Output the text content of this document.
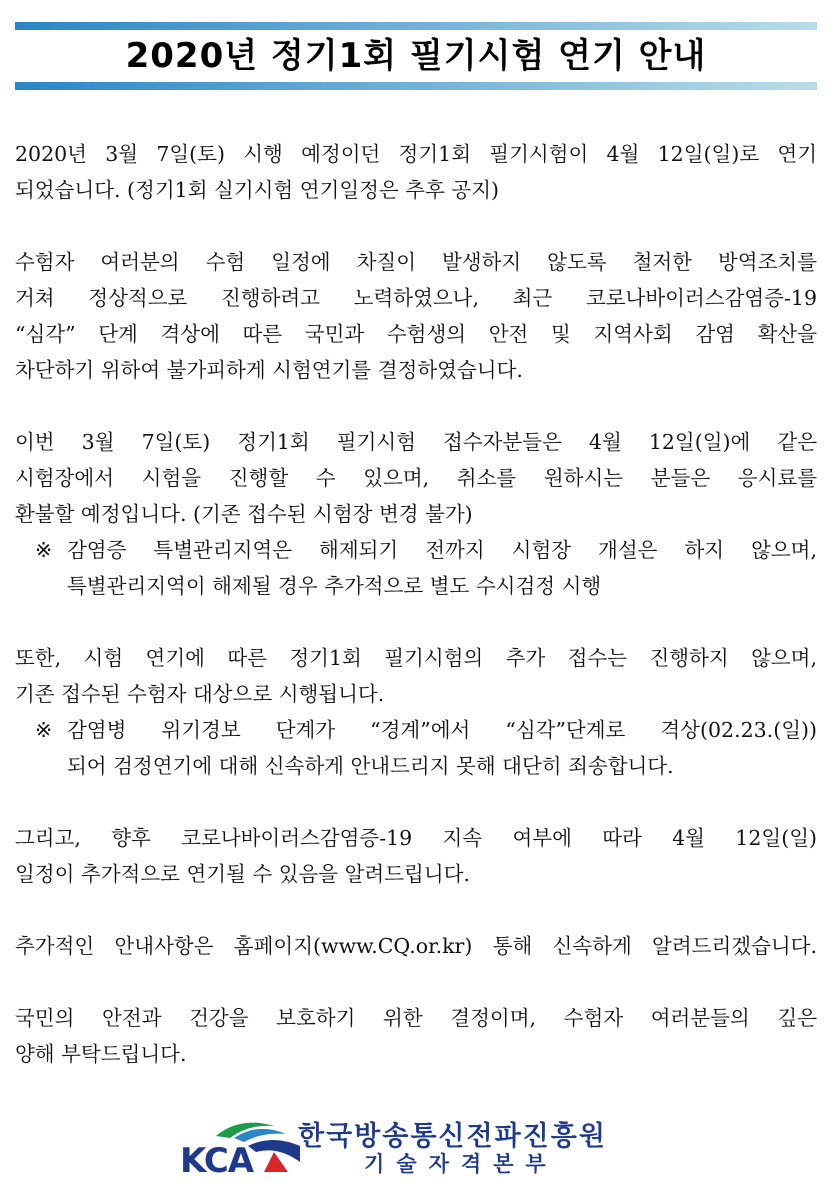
2020년 정기1회 필기시험 연기 안내
2020년 3월 7일(토) 시행 예정이던 정기1회 필기시험이 4월 12일(일)로 연기
되었습니다. (정기1회 실기시험 연기일정은 추후 공지)
수험자 여러분의 수험 일정에 차질이 발생하지 않도록 철저한 방역조치를
거쳐 정상적으로 진행하려고 노력하였으나, 최근 코로나바이러스감염증-19
“심각” 단계 격상에 따른 국민과 수험생의 안전 및 지역사회 감염 확산을
차단하기 위하여 불가피하게 시험연기를 결정하였습니다.
이번 3월 7일(토) 정기1회 필기시험 접수자분들은 4월 12일(일)에 같은
시험장에서 시험을 진행할 수 있으며, 취소를 원하시는 분들은 응시료를
환불할 예정입니다. (기존 접수된 시험장 변경 불가)
※ 감염증 특별관리지역은 해제되기 전까지 시험장 개설은 하지 않으며,
특별관리지역이 해제될 경우 추가적으로 별도 수시검정 시행
또한, 시험 연기에 따른 정기1회 필기시험의 추가 접수는 진행하지 않으며,
기존 접수된 수험자 대상으로 시행됩니다.
※ 감염병 위기경보 단계가 “경계”에서 “심각”단계로 격상(02.23.(일))
되어 검정연기에 대해 신속하게 안내드리지 못해 대단히 죄송합니다.
그리고, 향후 코로나바이러스감염증-19 지속 여부에 따라 4월 12일(일)
일정이 추가적으로 연기될 수 있음을 알려드립니다.
추가적인 안내사항은 홈페이지(www.CQ.or.kr) 통해 신속하게 알려드리겠습니다.
국민의 안전과 건강을 보호하기 위한 결정이며, 수험자 여러분들의 깊은
양해 부탁드립니다.
KCA
한국방송통신전파진흥원
기술자격본부
